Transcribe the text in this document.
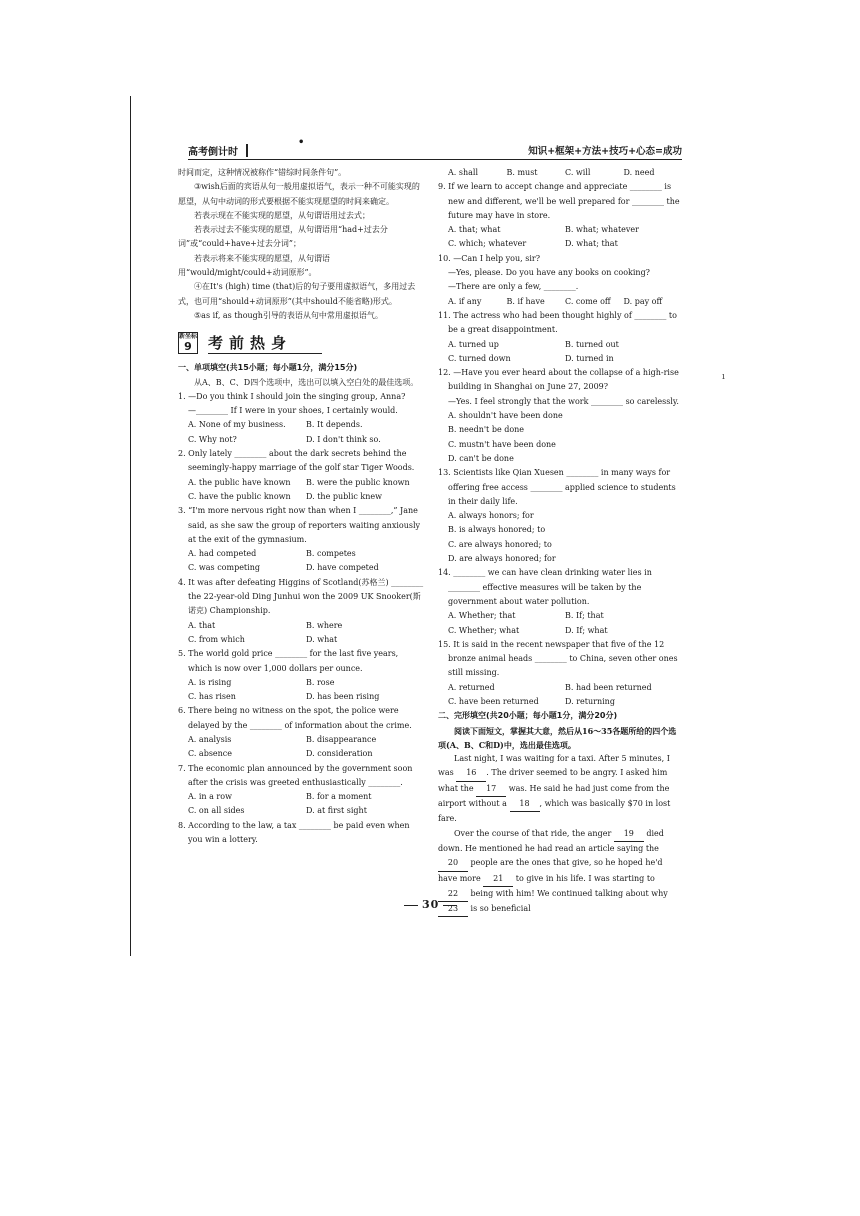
高考倒计时
•
知识+框架+方法+技巧+心态=成功

时间而定，这种情况被称作“错综时间条件句”。

③wish后面的宾语从句一般用虚拟语气，表示一种不可能实现的愿望，从句中动词的形式要根据不能实现愿望的时间来确定。

若表示现在不能实现的愿望，从句谓语用过去式；

若表示过去不能实现的愿望，从句谓语用“had+过去分词”或“could+have+过去分词”；

若表示将来不能实现的愿望，从句谓语用“would/might/could+动词原形”。

④在It's (high) time (that)后的句子要用虚拟语气，多用过去式，也可用“should+动词原形”(其中should不能省略)形式。

⑤as if, as though引导的表语从句中常用虚拟语气。

新坐标
9	考前热身

一、单项填空(共15小题；每小题1分，满分15分)

从A、B、C、D四个选项中，选出可以填入空白处的最佳选项。

1. —Do you think I should join the singing group, Anna?

—________ If I were in your shoes, I certainly would.

A. None of my business.	B. It depends.
C. Why not?	D. I don't think so.

2. Only lately ________ about the dark secrets behind the seemingly-happy marriage of the golf star Tiger Woods.

A. the public have known	B. were the public known
C. have the public known	D. the public knew

3. “I'm more nervous right now than when I ________,” Jane said, as she saw the group of reporters waiting anxiously at the exit of the gymnasium.

A. had competed	B. competes
C. was competing	D. have competed

4. It was after defeating Higgins of Scotland(苏格兰) ________ the 22-year-old Ding Junhui won the 2009 UK Snooker(斯诺克) Championship.

A. that	B. where
C. from which	D. what

5. The world gold price ________ for the last five years, which is now over 1,000 dollars per ounce.

A. is rising	B. rose
C. has risen	D. has been rising

6. There being no witness on the spot, the police were delayed by the ________ of information about the crime.

A. analysis	B. disappearance
C. absence	D. consideration

7. The economic plan announced by the government soon after the crisis was greeted enthusiastically ________.

A. in a row	B. for a moment
C. on all sides	D. at first sight

8. According to the law, a tax ________ be paid even when you win a lottery.

A. shall	B. must	C. will	D. need

9. If we learn to accept change and appreciate ________ is new and different, we'll be well prepared for ________ the future may have in store.

A. that; what	B. what; whatever
C. which; whatever	D. what; that

10. —Can I help you, sir?

—Yes, please. Do you have any books on cooking?

—There are only a few, ________.

A. if any	B. if have	C. come off	D. pay off

11. The actress who had been thought highly of ________ to be a great disappointment.

A. turned up	B. turned out
C. turned down	D. turned in

12. —Have you ever heard about the collapse of a high-rise building in Shanghai on June 27, 2009?

—Yes. I feel strongly that the work ________ so carelessly.

A. shouldn't have been done

B. needn't be done

C. mustn't have been done

D. can't be done

13. Scientists like Qian Xuesen ________ in many ways for offering free access ________ applied science to students in their daily life.

A. always honors; for

B. is always honored; to

C. are always honored; to

D. are always honored; for

14. ________ we can have clean drinking water lies in ________ effective measures will be taken by the government about water pollution.

A. Whether; that	B. If; that
C. Whether; what	D. If; what

15. It is said in the recent newspaper that five of the 12 bronze animal heads ________ to China, seven other ones still missing.

A. returned	B. had been returned
C. have been returned	D. returning

二、完形填空(共20小题；每小题1分，满分20分)

阅读下面短文，掌握其大意，然后从16～35各题所给的四个选项(A、B、C和D)中，选出最佳选项。

Last night, I was waiting for a taxi. After 5 minutes, I was 16 . The driver seemed to be angry. I asked him what the 17 was. He said he had just come from the airport without a 18 , which was basically $70 in lost fare.

Over the course of that ride, the anger 19 died down. He mentioned he had read an article saying the 20 people are the ones that give, so he hoped he'd have more 21 to give in his life. I was starting to 22 being with him! We continued talking about why 23 is so beneficial

30
ı
